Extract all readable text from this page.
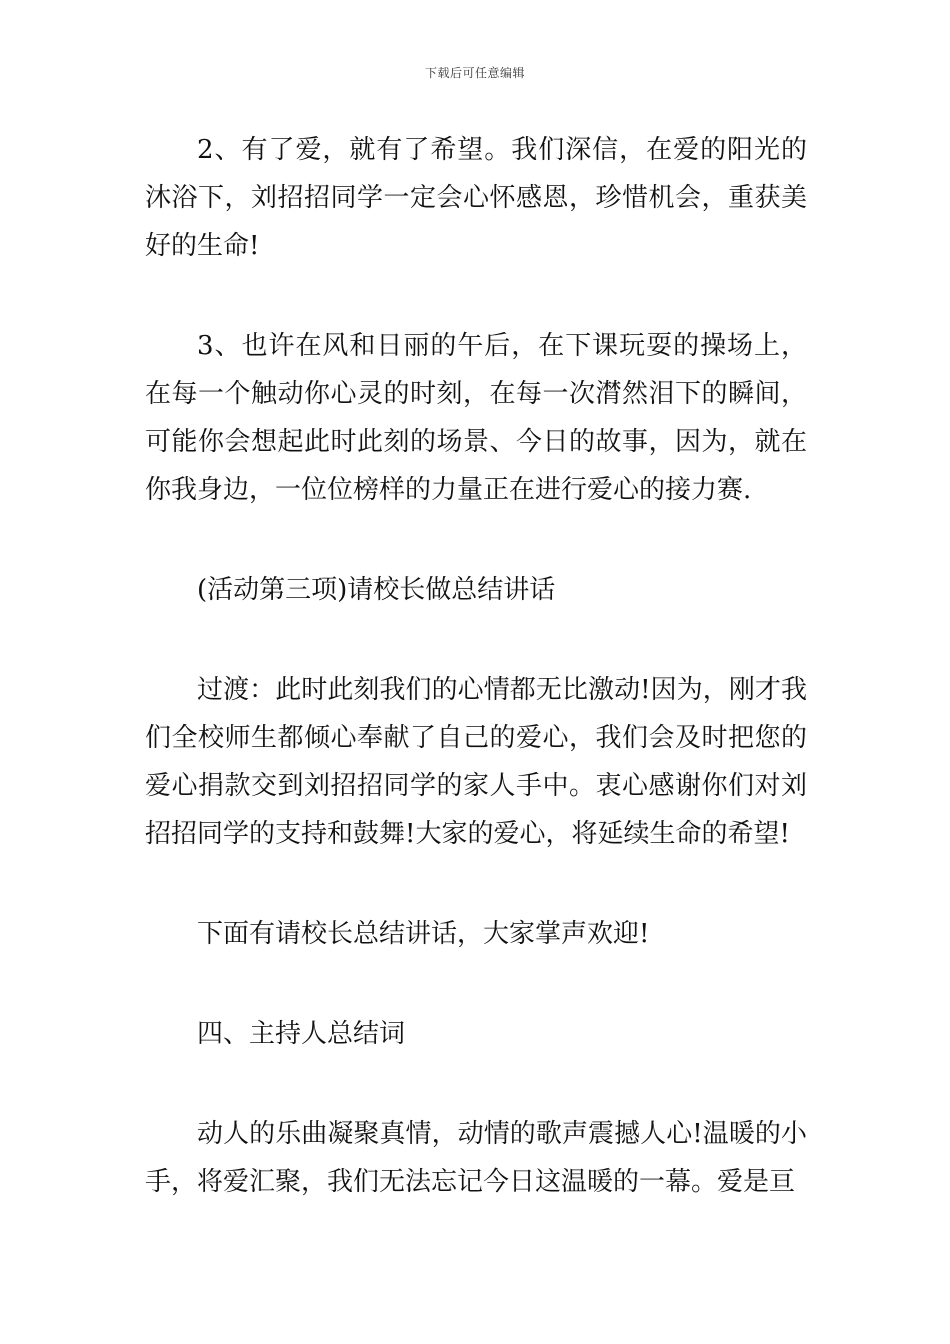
下载后可任意编辑

2、有了爱，就有了希望。我们深信，在爱的阳光的沐浴下，刘招招同学一定会心怀感恩，珍惜机会，重获美好的生命!

3、也许在风和日丽的午后，在下课玩耍的操场上，在每一个触动你心灵的时刻，在每一次潸然泪下的瞬间，可能你会想起此时此刻的场景、今日的故事，因为，就在你我身边，一位位榜样的力量正在进行爱心的接力赛.

(活动第三项)请校长做总结讲话

过渡：此时此刻我们的心情都无比激动!因为，刚才我们全校师生都倾心奉献了自己的爱心，我们会及时把您的爱心捐款交到刘招招同学的家人手中。衷心感谢你们对刘招招同学的支持和鼓舞!大家的爱心，将延续生命的希望!

下面有请校长总结讲话，大家掌声欢迎!

四、主持人总结词

动人的乐曲凝聚真情，动情的歌声震撼人心!温暖的小手，将爱汇聚，我们无法忘记今日这温暖的一幕。爱是亘
